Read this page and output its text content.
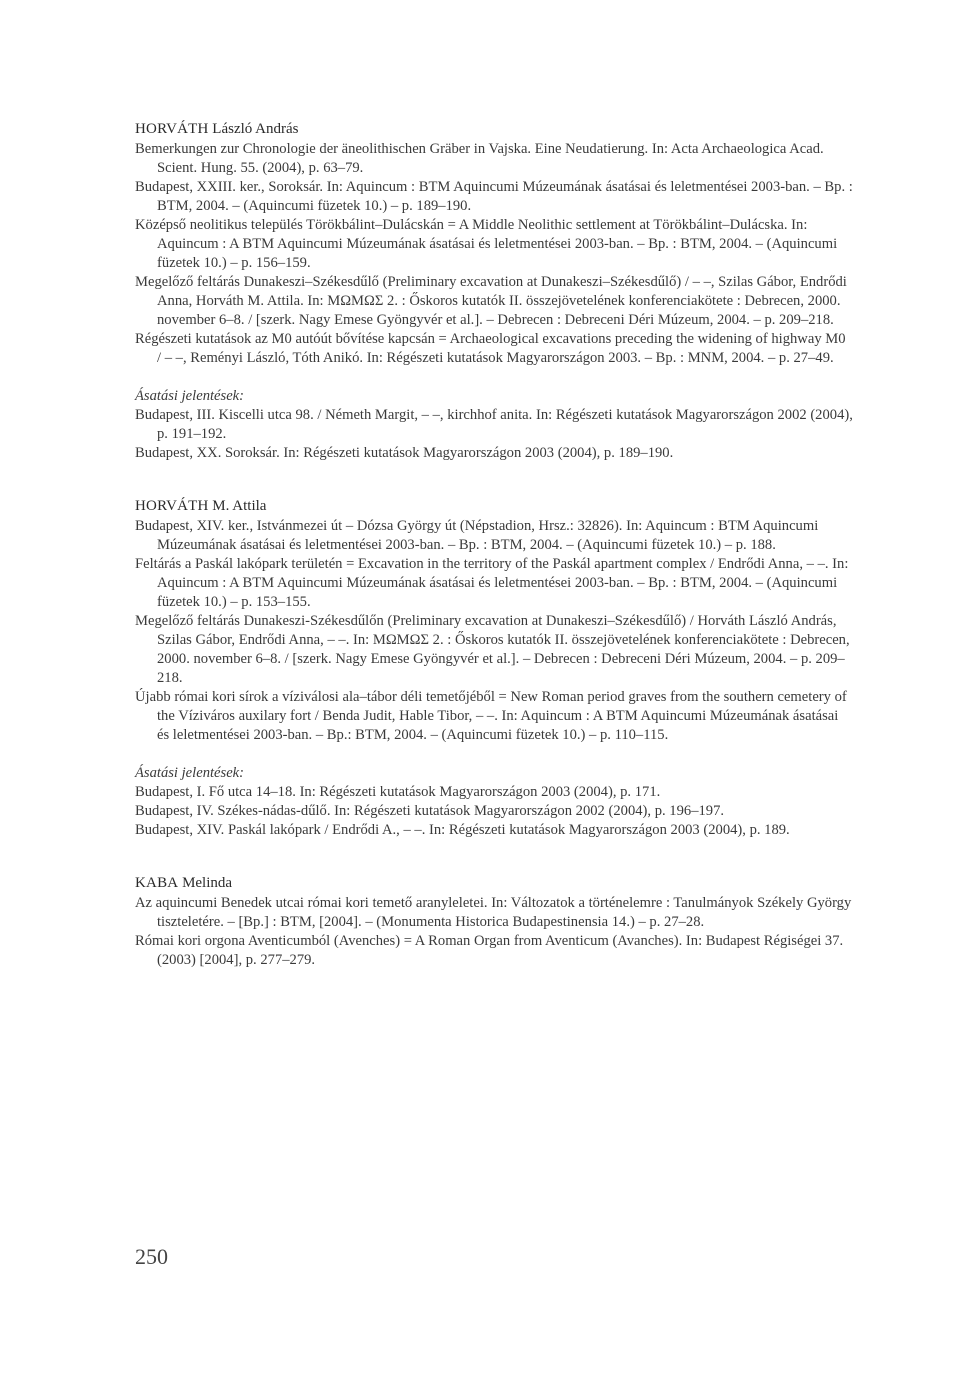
HORVÁTH László András
Bemerkungen zur Chronologie der äneolithischen Gräber in Vajska. Eine Neudatierung. In: Acta Archaeologica Acad. Scient. Hung. 55. (2004), p. 63–79.
Budapest, XXIII. ker., Soroksár. In: Aquincum : BTM Aquincumi Múzeumának ásatásai és leletmentései 2003-ban. – Bp. : BTM, 2004. – (Aquincumi füzetek 10.) – p. 189–190.
Középső neolitikus település Törökbálint–Dulácskán = A Middle Neolithic settlement at Törökbálint–Dulácska. In: Aquincum : A BTM Aquincumi Múzeumának ásatásai és leletmentései 2003-ban. – Bp. : BTM, 2004. – (Aquincumi füzetek 10.) – p. 156–159.
Megelőző feltárás Dunakeszi–Székesdűlő (Preliminary excavation at Dunakeszi–Székesdűlő) / – –, Szilas Gábor, Endrődi Anna, Horváth M. Attila. In: ΜΩΜΩΣ 2. : Őskoros kutatók II. összejövetelének konferenciakötete : Debrecen, 2000. november 6–8. / [szerk. Nagy Emese Gyöngyvér et al.]. – Debrecen : Debreceni Déri Múzeum, 2004. – p. 209–218.
Régészeti kutatások az M0 autóút bővítése kapcsán = Archaeological excavations preceding the widening of highway M0 / – –, Reményi László, Tóth Anikó. In: Régészeti kutatások Magyarországon 2003. – Bp. : MNM, 2004. – p. 27–49.

Ásatási jelentések:

Budapest, III. Kiscelli utca 98. / Németh Margit, – –, kirchhof anita. In: Régészeti kutatások Magyarországon 2002 (2004), p. 191–192.
Budapest, XX. Soroksár. In: Régészeti kutatások Magyarországon 2003 (2004), p. 189–190.
HORVÁTH M. Attila
Budapest, XIV. ker., Istvánmezei út – Dózsa György út (Népstadion, Hrsz.: 32826). In: Aquincum : BTM Aquincumi Múzeumának ásatásai és leletmentései 2003-ban. – Bp. : BTM, 2004. – (Aquincumi füzetek 10.) – p. 188.
Feltárás a Paskál lakópark területén = Excavation in the territory of the Paskál apartment complex / Endrődi Anna, – –. In: Aquincum : A BTM Aquincumi Múzeumának ásatásai és leletmentései 2003-ban. – Bp. : BTM, 2004. – (Aquincumi füzetek 10.) – p. 153–155.
Megelőző feltárás Dunakeszi-Székesdűlőn (Preliminary excavation at Dunakeszi–Székesdűlő) / Horváth László András, Szilas Gábor, Endrődi Anna, – –. In: ΜΩΜΩΣ 2. : Őskoros kutatók II. összejövetelének konferenciakötete : Debrecen, 2000. november 6–8. / [szerk. Nagy Emese Gyöngyvér et al.]. – Debrecen : Debreceni Déri Múzeum, 2004. – p. 209–218.
Újabb római kori sírok a víziválosi ala–tábor déli temetőjéből = New Roman period graves from the southern cemetery of the Víziváros auxilary fort / Benda Judit, Hable Tibor, – –. In: Aquincum : A BTM Aquincumi Múzeumának ásatásai és leletmentései 2003-ban. – Bp.: BTM, 2004. – (Aquincumi füzetek 10.) – p. 110–115.

Ásatási jelentések:

Budapest, I. Fő utca 14–18. In: Régészeti kutatások Magyarországon 2003 (2004), p. 171.
Budapest, IV. Székes-nádas-dűlő. In: Régészeti kutatások Magyarországon 2002 (2004), p. 196–197.
Budapest, XIV. Paskál lakópark / Endrődi A., – –. In: Régészeti kutatások Magyarországon 2003 (2004), p. 189.
KABA Melinda
Az aquincumi Benedek utcai római kori temető aranyleletei. In: Változatok a történelemre : Tanulmányok Székely György tiszteletére. – [Bp.] : BTM, [2004]. – (Monumenta Historica Budapestinensia 14.) – p. 27–28.
Római kori orgona Aventicumból (Avenches) = A Roman Organ from Aventicum (Avanches). In: Budapest Régiségei 37. (2003) [2004], p. 277–279.
250
